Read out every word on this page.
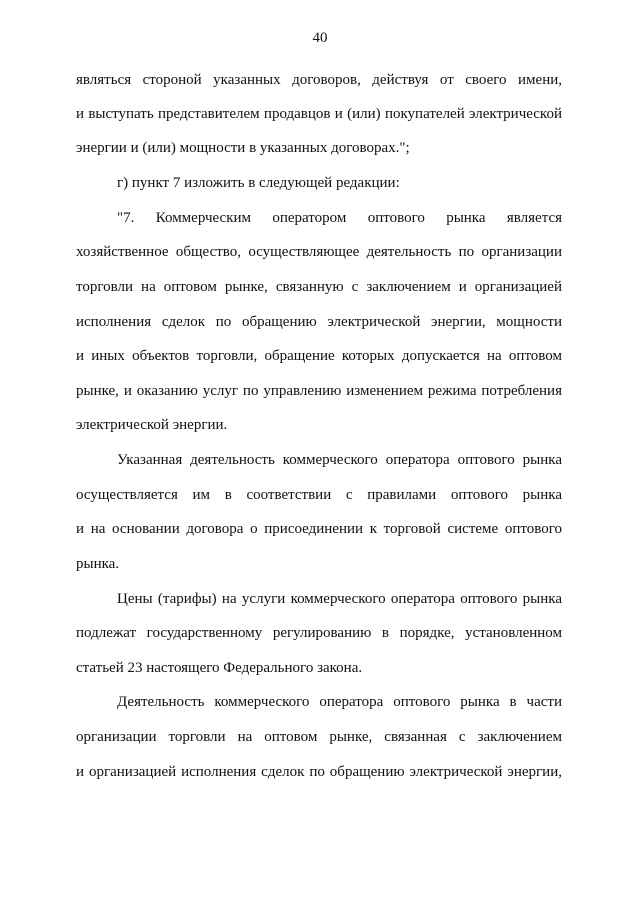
40
являться стороной указанных договоров, действуя от своего имени,
и выступать представителем продавцов и (или) покупателей электрической
энергии и (или) мощности в указанных договорах.";
г) пункт 7 изложить в следующей редакции:
"7. Коммерческим оператором оптового рынка является
хозяйственное общество, осуществляющее деятельность по организации
торговли на оптовом рынке, связанную с заключением и организацией
исполнения сделок по обращению электрической энергии, мощности
и иных объектов торговли, обращение которых допускается на оптовом
рынке, и оказанию услуг по управлению изменением режима потребления
электрической энергии.
Указанная деятельность коммерческого оператора оптового рынка
осуществляется им в соответствии с правилами оптового рынка
и на основании договора о присоединении к торговой системе оптового
рынка.
Цены (тарифы) на услуги коммерческого оператора оптового рынка
подлежат государственному регулированию в порядке, установленном
статьей 23 настоящего Федерального закона.
Деятельность коммерческого оператора оптового рынка в части
организации торговли на оптовом рынке, связанная с заключением
и организацией исполнения сделок по обращению электрической энергии,
